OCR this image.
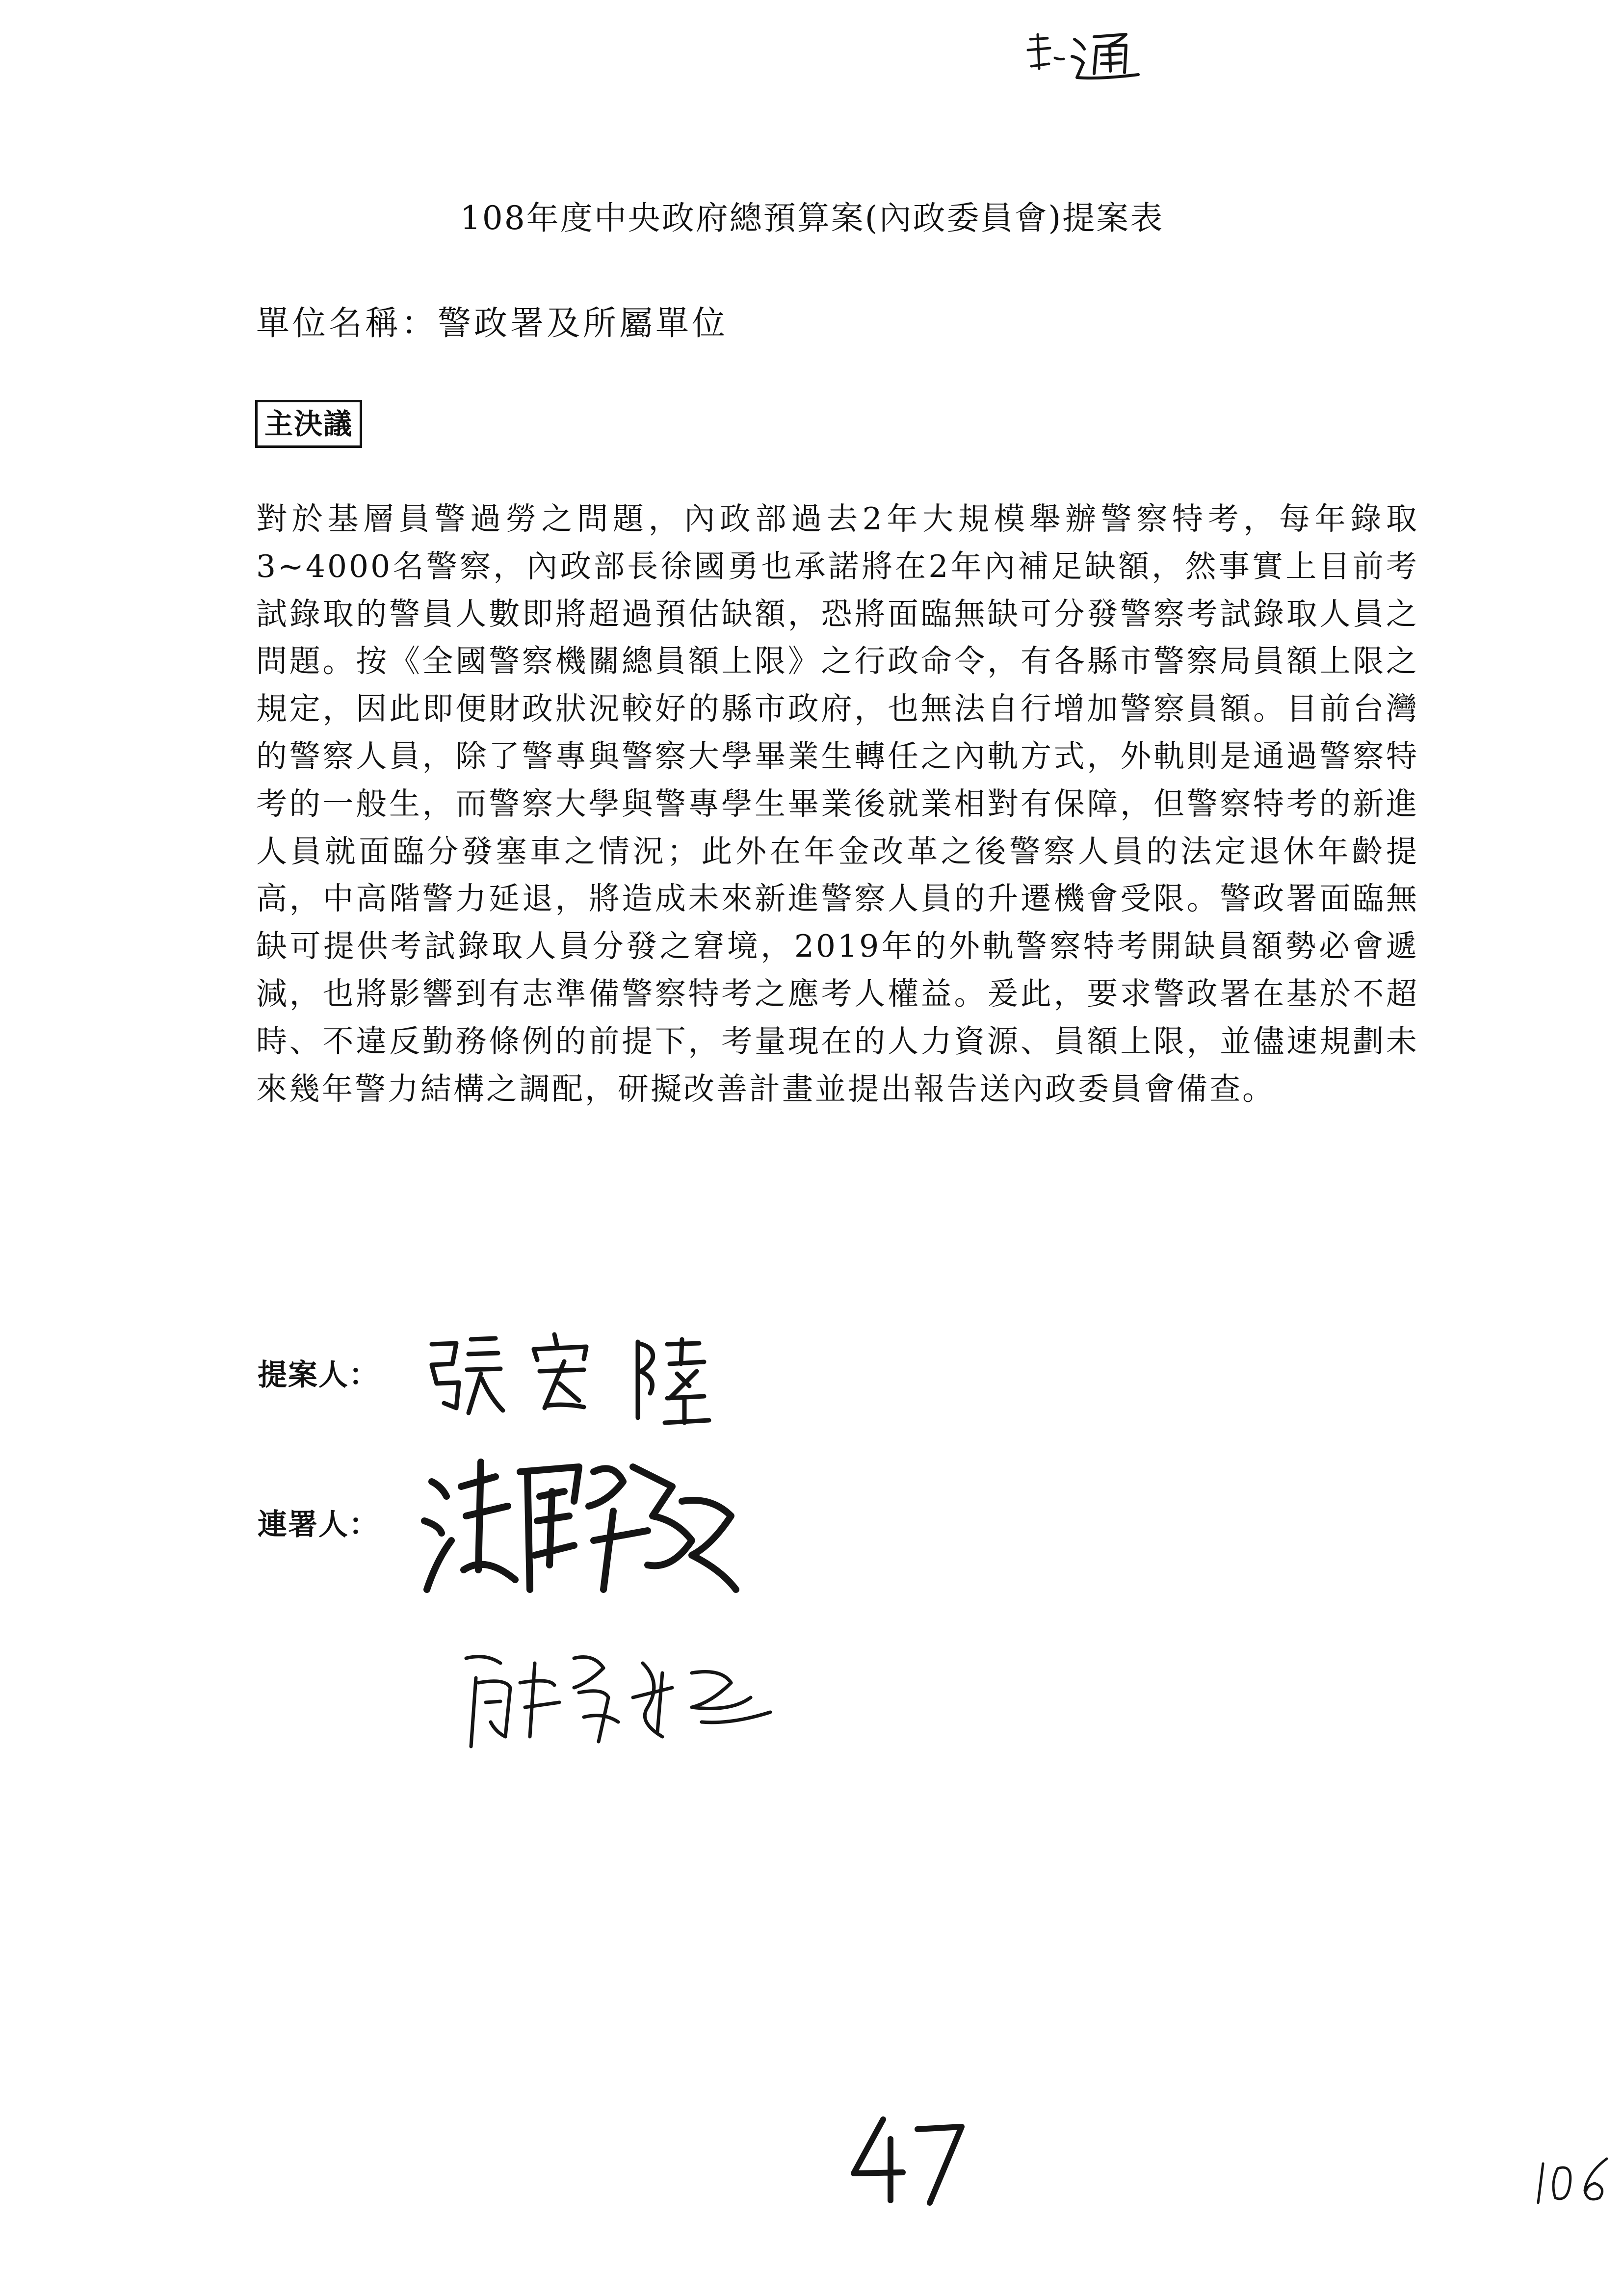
108年度中央政府總預算案(內政委員會)提案表
單位名稱：警政署及所屬單位
主決議

對於基層員警過勞之問題，內政部過去2年大規模舉辦警察特考，每年錄取3~4000名警察，內政部長徐國勇也承諾將在2年內補足缺額，然事實上目前考試錄取的警員人數即將超過預估缺額，恐將面臨無缺可分發警察考試錄取人員之問題。按《全國警察機關總員額上限》之行政命令，有各縣市警察局員額上限之規定，因此即便財政狀況較好的縣市政府，也無法自行增加警察員額。目前台灣的警察人員，除了警專與警察大學畢業生轉任之內軌方式，外軌則是通過警察特考的一般生，而警察大學與警專學生畢業後就業相對有保障，但警察特考的新進人員就面臨分發塞車之情況；此外在年金改革之後警察人員的法定退休年齡提高，中高階警力延退，將造成未來新進警察人員的升遷機會受限。警政署面臨無缺可提供考試錄取人員分發之窘境，2019年的外軌警察特考開缺員額勢必會遞減，也將影響到有志準備警察特考之應考人權益。爰此，要求警政署在基於不超時、不違反勤務條例的前提下，考量現在的人力資源、員額上限，並儘速規劃未來幾年警力結構之調配，研擬改善計畫並提出報告送內政委員會備查。

提案人：
連署人：
